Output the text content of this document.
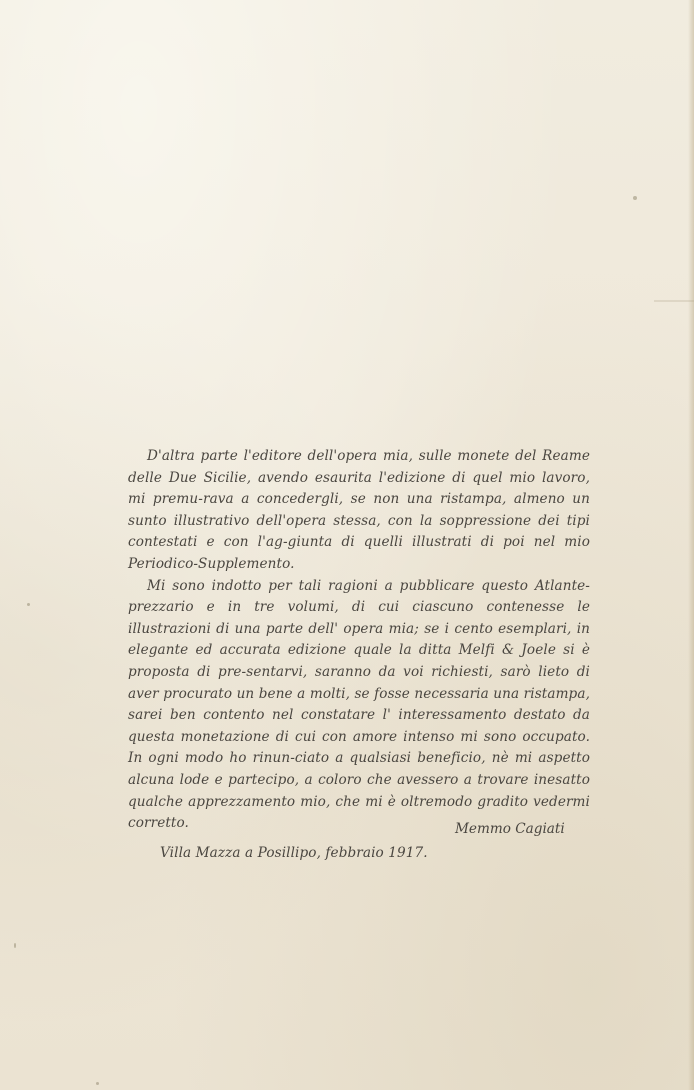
D'altra parte l'editore dell'opera mia, sulle monete del Reame delle Due Sicilie, avendo esaurita l'edizione di quel mio lavoro, mi premu-rava a concedergli, se non una ristampa, almeno un sunto illustrativo dell'opera stessa, con la soppressione dei tipi contestati e con l'ag-giunta di quelli illustrati di poi nel mio Periodico-Supplemento.

Mi sono indotto per tali ragioni a pubblicare questo Atlante-prezzario e in tre volumi, di cui ciascuno contenesse le illustrazioni di una parte dell' opera mia; se i cento esemplari, in elegante ed accurata edizione quale la ditta Melfi & Joele si è proposta di pre-sentarvi, saranno da voi richiesti, sarò lieto di aver procurato un bene a molti, se fosse necessaria una ristampa, sarei ben contento nel constatare l' interessamento destato da questa monetazione di cui con amore intenso mi sono occupato. In ogni modo ho rinun-ciato a qualsiasi beneficio, nè mi aspetto alcuna lode e partecipo, a coloro che avessero a trovare inesatto qualche apprezzamento mio, che mi è oltremodo gradito vedermi corretto.

Villa Mazza a Posillipo, febbraio 1917.

Memmo Cagiati
